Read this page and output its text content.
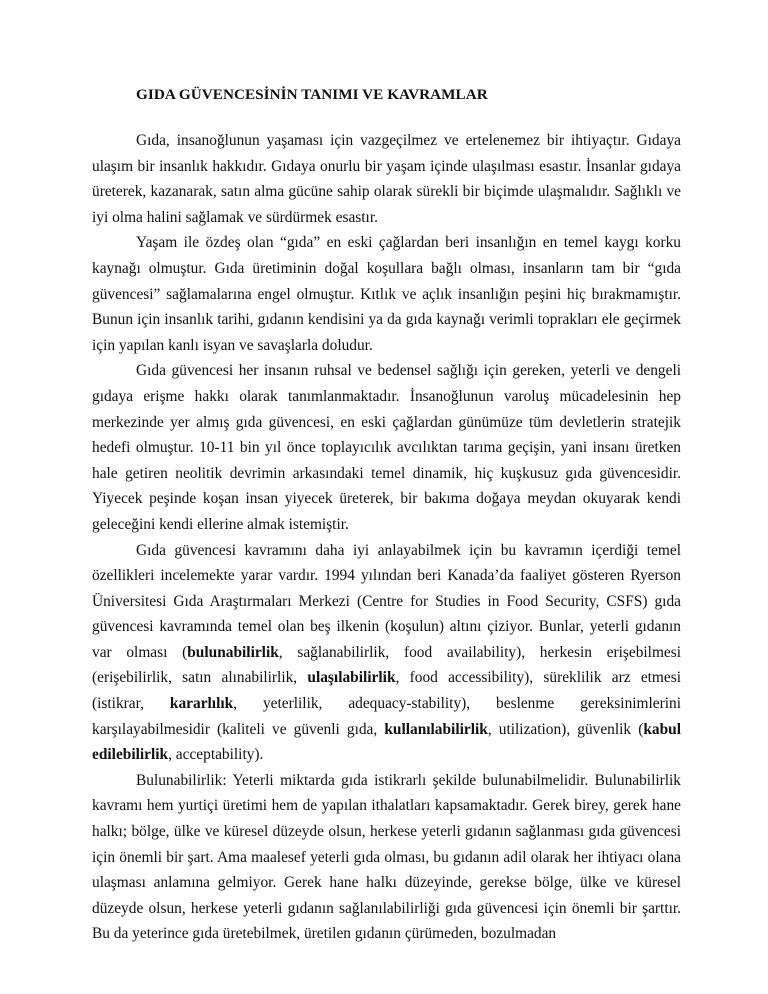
GIDA GÜVENCESİNİN TANIMI VE KAVRAMLAR

Gıda, insanoğlunun yaşaması için vazgeçilmez ve ertelenemez bir ihtiyaçtır. Gıdaya ulaşım bir insanlık hakkıdır. Gıdaya onurlu bir yaşam içinde ulaşılması esastır. İnsanlar gıdaya üreterek, kazanarak, satın alma gücüne sahip olarak sürekli bir biçimde ulaşmalıdır. Sağlıklı ve iyi olma halini sağlamak ve sürdürmek esastır.

Yaşam ile özdeş olan “gıda” en eski çağlardan beri insanlığın en temel kaygı korku kaynağı olmuştur. Gıda üretiminin doğal koşullara bağlı olması, insanların tam bir “gıda güvencesi” sağlamalarına engel olmuştur. Kıtlık ve açlık insanlığın peşini hiç bırakmamıştır. Bunun için insanlık tarihi, gıdanın kendisini ya da gıda kaynağı verimli toprakları ele geçirmek için yapılan kanlı isyan ve savaşlarla doludur.

Gıda güvencesi her insanın ruhsal ve bedensel sağlığı için gereken, yeterli ve dengeli gıdaya erişme hakkı olarak tanımlanmaktadır. İnsanoğlunun varoluş mücadelesinin hep merkezinde yer almış gıda güvencesi, en eski çağlardan günümüze tüm devletlerin stratejik hedefi olmuştur. 10-11 bin yıl önce toplayıcılık avcılıktan tarıma geçişin, yani insanı üretken hale getiren neolitik devrimin arkasındaki temel dinamik, hiç kuşkusuz gıda güvencesidir. Yiyecek peşinde koşan insan yiyecek üreterek, bir bakıma doğaya meydan okuyarak kendi geleceğini kendi ellerine almak istemiştir.

Gıda güvencesi kavramını daha iyi anlayabilmek için bu kavramın içerdiği temel özellikleri incelemekte yarar vardır. 1994 yılından beri Kanada’da faaliyet gösteren Ryerson Üniversitesi Gıda Araştırmaları Merkezi (Centre for Studies in Food Security, CSFS) gıda güvencesi kavramında temel olan beş ilkenin (koşulun) altını çiziyor. Bunlar, yeterli gıdanın var olması (bulunabilirlik, sağlanabilirlik, food availability), herkesin erişebilmesi (erişebilirlik, satın alınabilirlik, ulaşılabilirlik, food accessibility), süreklilik arz etmesi (istikrar, kararlılık, yeterlilik, adequacy-stability), beslenme gereksinimlerini karşılayabilmesidir (kaliteli ve güvenli gıda, kullanılabilirlik, utilization), güvenlik (kabul edilebilirlik, acceptability).

Bulunabilirlik: Yeterli miktarda gıda istikrarlı şekilde bulunabilmelidir. Bulunabilirlik kavramı hem yurtiçi üretimi hem de yapılan ithalatları kapsamaktadır. Gerek birey, gerek hane halkı; bölge, ülke ve küresel düzeyde olsun, herkese yeterli gıdanın sağlanması gıda güvencesi için önemli bir şart. Ama maalesef yeterli gıda olması, bu gıdanın adil olarak her ihtiyacı olana ulaşması anlamına gelmiyor. Gerek hane halkı düzeyinde, gerekse bölge, ülke ve küresel düzeyde olsun, herkese yeterli gıdanın sağlanılabilirliği gıda güvencesi için önemli bir şarttır. Bu da yeterince gıda üretebilmek, üretilen gıdanın çürümeden, bozulmadan
